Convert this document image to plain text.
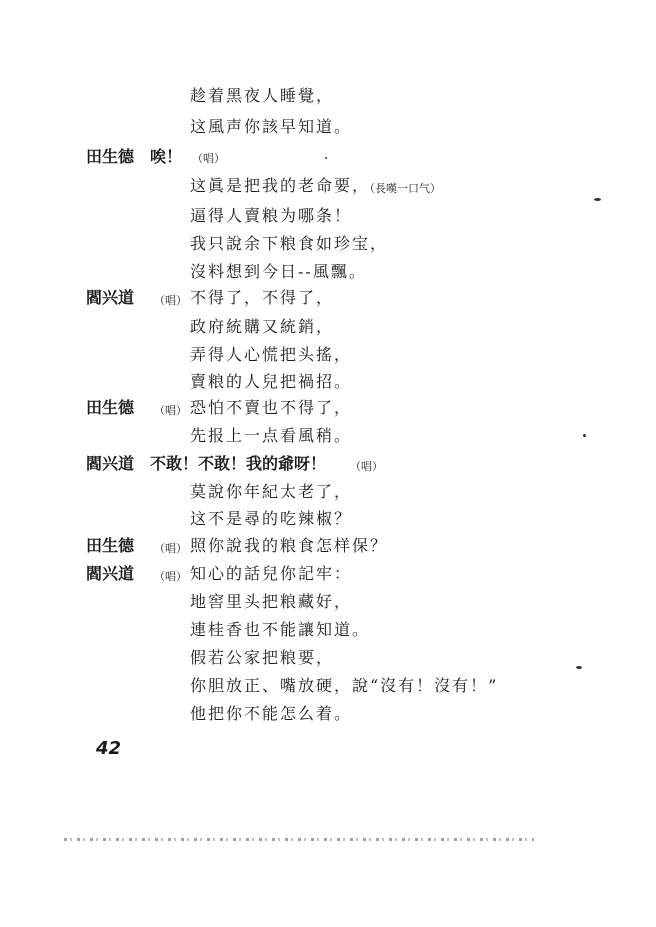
趁着黑夜人睡覺，
这風声你該早知道。
田生德 唉！ （唱）
这眞是把我的老命要，
（長嘆一口气）
逼得人賣粮为哪条！
我只說余下粮食如珍宝，
沒料想到今日--風飄。
閻兴道 （唱） 不得了，不得了，
政府統購又統銷，
弄得人心慌把头搖，
賣粮的人兒把禍招。
田生德 （唱） 恐怕不賣也不得了，
先报上一点看風稍。
閻兴道 不敢！不敢！我的爺呀！ （唱）
莫說你年紀太老了，
这不是尋的吃辣椒？
田生德 （唱） 照你說我的粮食怎样保？
閻兴道 （唱） 知心的話兒你記牢：
地窖里头把粮藏好，
連桂香也不能讓知道。
假若公家把粮要，
你胆放正、嘴放硬，說“沒有！沒有！”
他把你不能怎么着。
42
